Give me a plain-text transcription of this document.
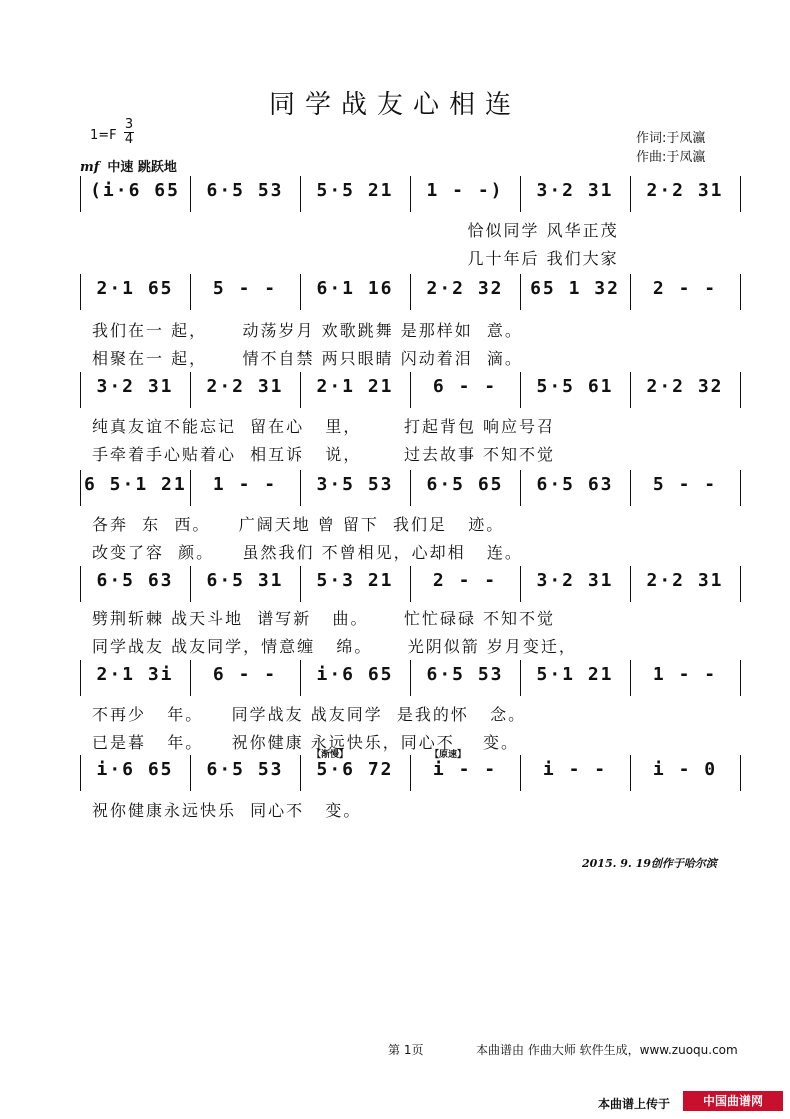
同学战友心相连
$1=F \frac{3}{4}$	作词:于凤瀛
作曲:于凤瀛
mf 中速 跳跃地
(i·6 65	6·5 53	5·5 21	1 - -)	3·2 31	2·2 31
2·1 65	5 - -	6·1 16	2·2 32	65 1 32	2 - -
3·2 31	2·2 31	2·1 21	6 - -	5·5 61	2·2 32
6 5·1 21	1 - -	3·5 53	6·5 65	6·5 63	5 - -
6·5 63	6·5 31	5·3 21	2 - -	3·2 31	2·2 31
2·1 3i	6 - -	i·6 65	6·5 53	5·1 21	1 - -
i·6 65	6·5 53	5·6 72	i - -	i - -	i - 0
恰似同学 风华正茂
几十年后 我们大家
我们在一 起，     动荡岁月 欢歌跳舞 是那样如  意。
相聚在一 起，     情不自禁 两只眼睛 闪动着泪  滴。
纯真友谊不能忘记  留在心   里，      打起背包 响应号召
手牵着手心贴着心  相互诉   说，      过去故事 不知不觉
各奔  东  西。    广阔天地 曾 留下  我们足   迹。
改变了容  颜。    虽然我们 不曾相见，心却相   连。
劈荆斩棘 战天斗地  谱写新   曲。     忙忙碌碌 不知不觉
同学战友 战友同学，情意缠   绵。     光阴似箭 岁月变迁，
不再少   年。    同学战友 战友同学  是我的怀   念。
已是暮   年。    祝你健康 永远快乐，同心不    变。
祝你健康永远快乐  同心不   变。
【渐慢】	【原速】
2015. 9. 19创作于哈尔滨
第 1页	本曲谱由 作曲大师 软件生成，www.zuoqu.com
本曲谱上传于	中国曲谱网
